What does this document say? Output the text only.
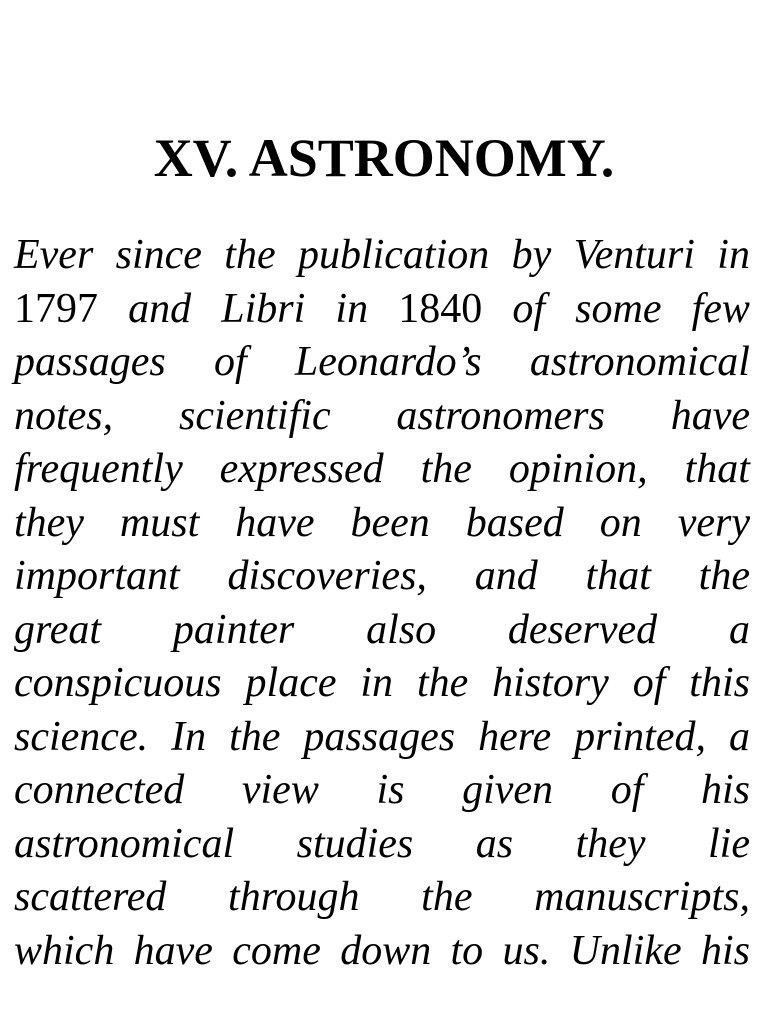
XV. ASTRONOMY.
Ever since the publication by Venturi in
1797 and Libri in 1840 of some few
passages of Leonardo’s astronomical
notes, scientific astronomers have
frequently expressed the opinion, that
they must have been based on very
important discoveries, and that the
great painter also deserved a
conspicuous place in the history of this
science. In the passages here printed, a
connected view is given of his
astronomical studies as they lie
scattered through the manuscripts,
which have come down to us. Unlike his
